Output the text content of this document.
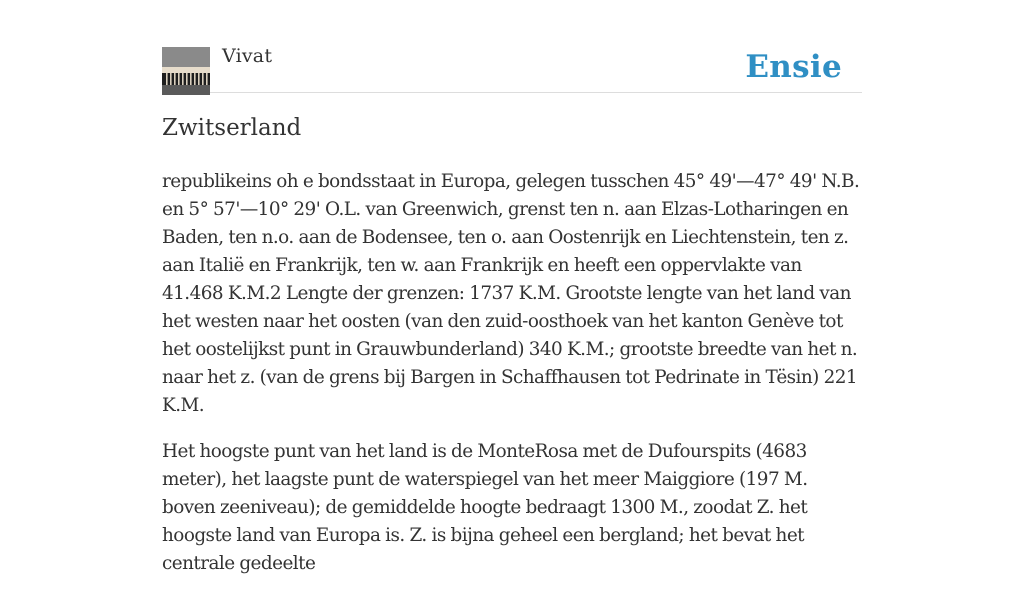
Vivat	Ensie
Zwitserland

republikeins oh e bondsstaat in Europa, gelegen tusschen 45° 49'—47° 49' N.B. en 5° 57'—10° 29' O.L. van Greenwich, grenst ten n. aan Elzas-Lotharingen en Baden, ten n.o. aan de Bodensee, ten o. aan Oostenrijk en Liechtenstein, ten z. aan Italië en Frankrijk, ten w. aan Frankrijk en heeft een oppervlakte van 41.468 K.M.2 Lengte der grenzen: 1737 K.M. Grootste lengte van het land van het westen naar het oosten (van den zuid-oosthoek van het kanton Genève tot het oostelijkst punt in Grauwbunderland) 340 K.M.; grootste breedte van het n. naar het z. (van de grens bij Bargen in Schaffhausen tot Pedrinate in Tësin) 221 K.M.

Het hoogste punt van het land is de MonteRosa met de Dufourspits (4683 meter), het laagste punt de waterspiegel van het meer Maiggiore (197 M. boven zeeniveau); de gemiddelde hoogte bedraagt 1300 M., zoodat Z. het hoogste land van Europa is. Z. is bijna geheel een bergland; het bevat het centrale gedeelte
